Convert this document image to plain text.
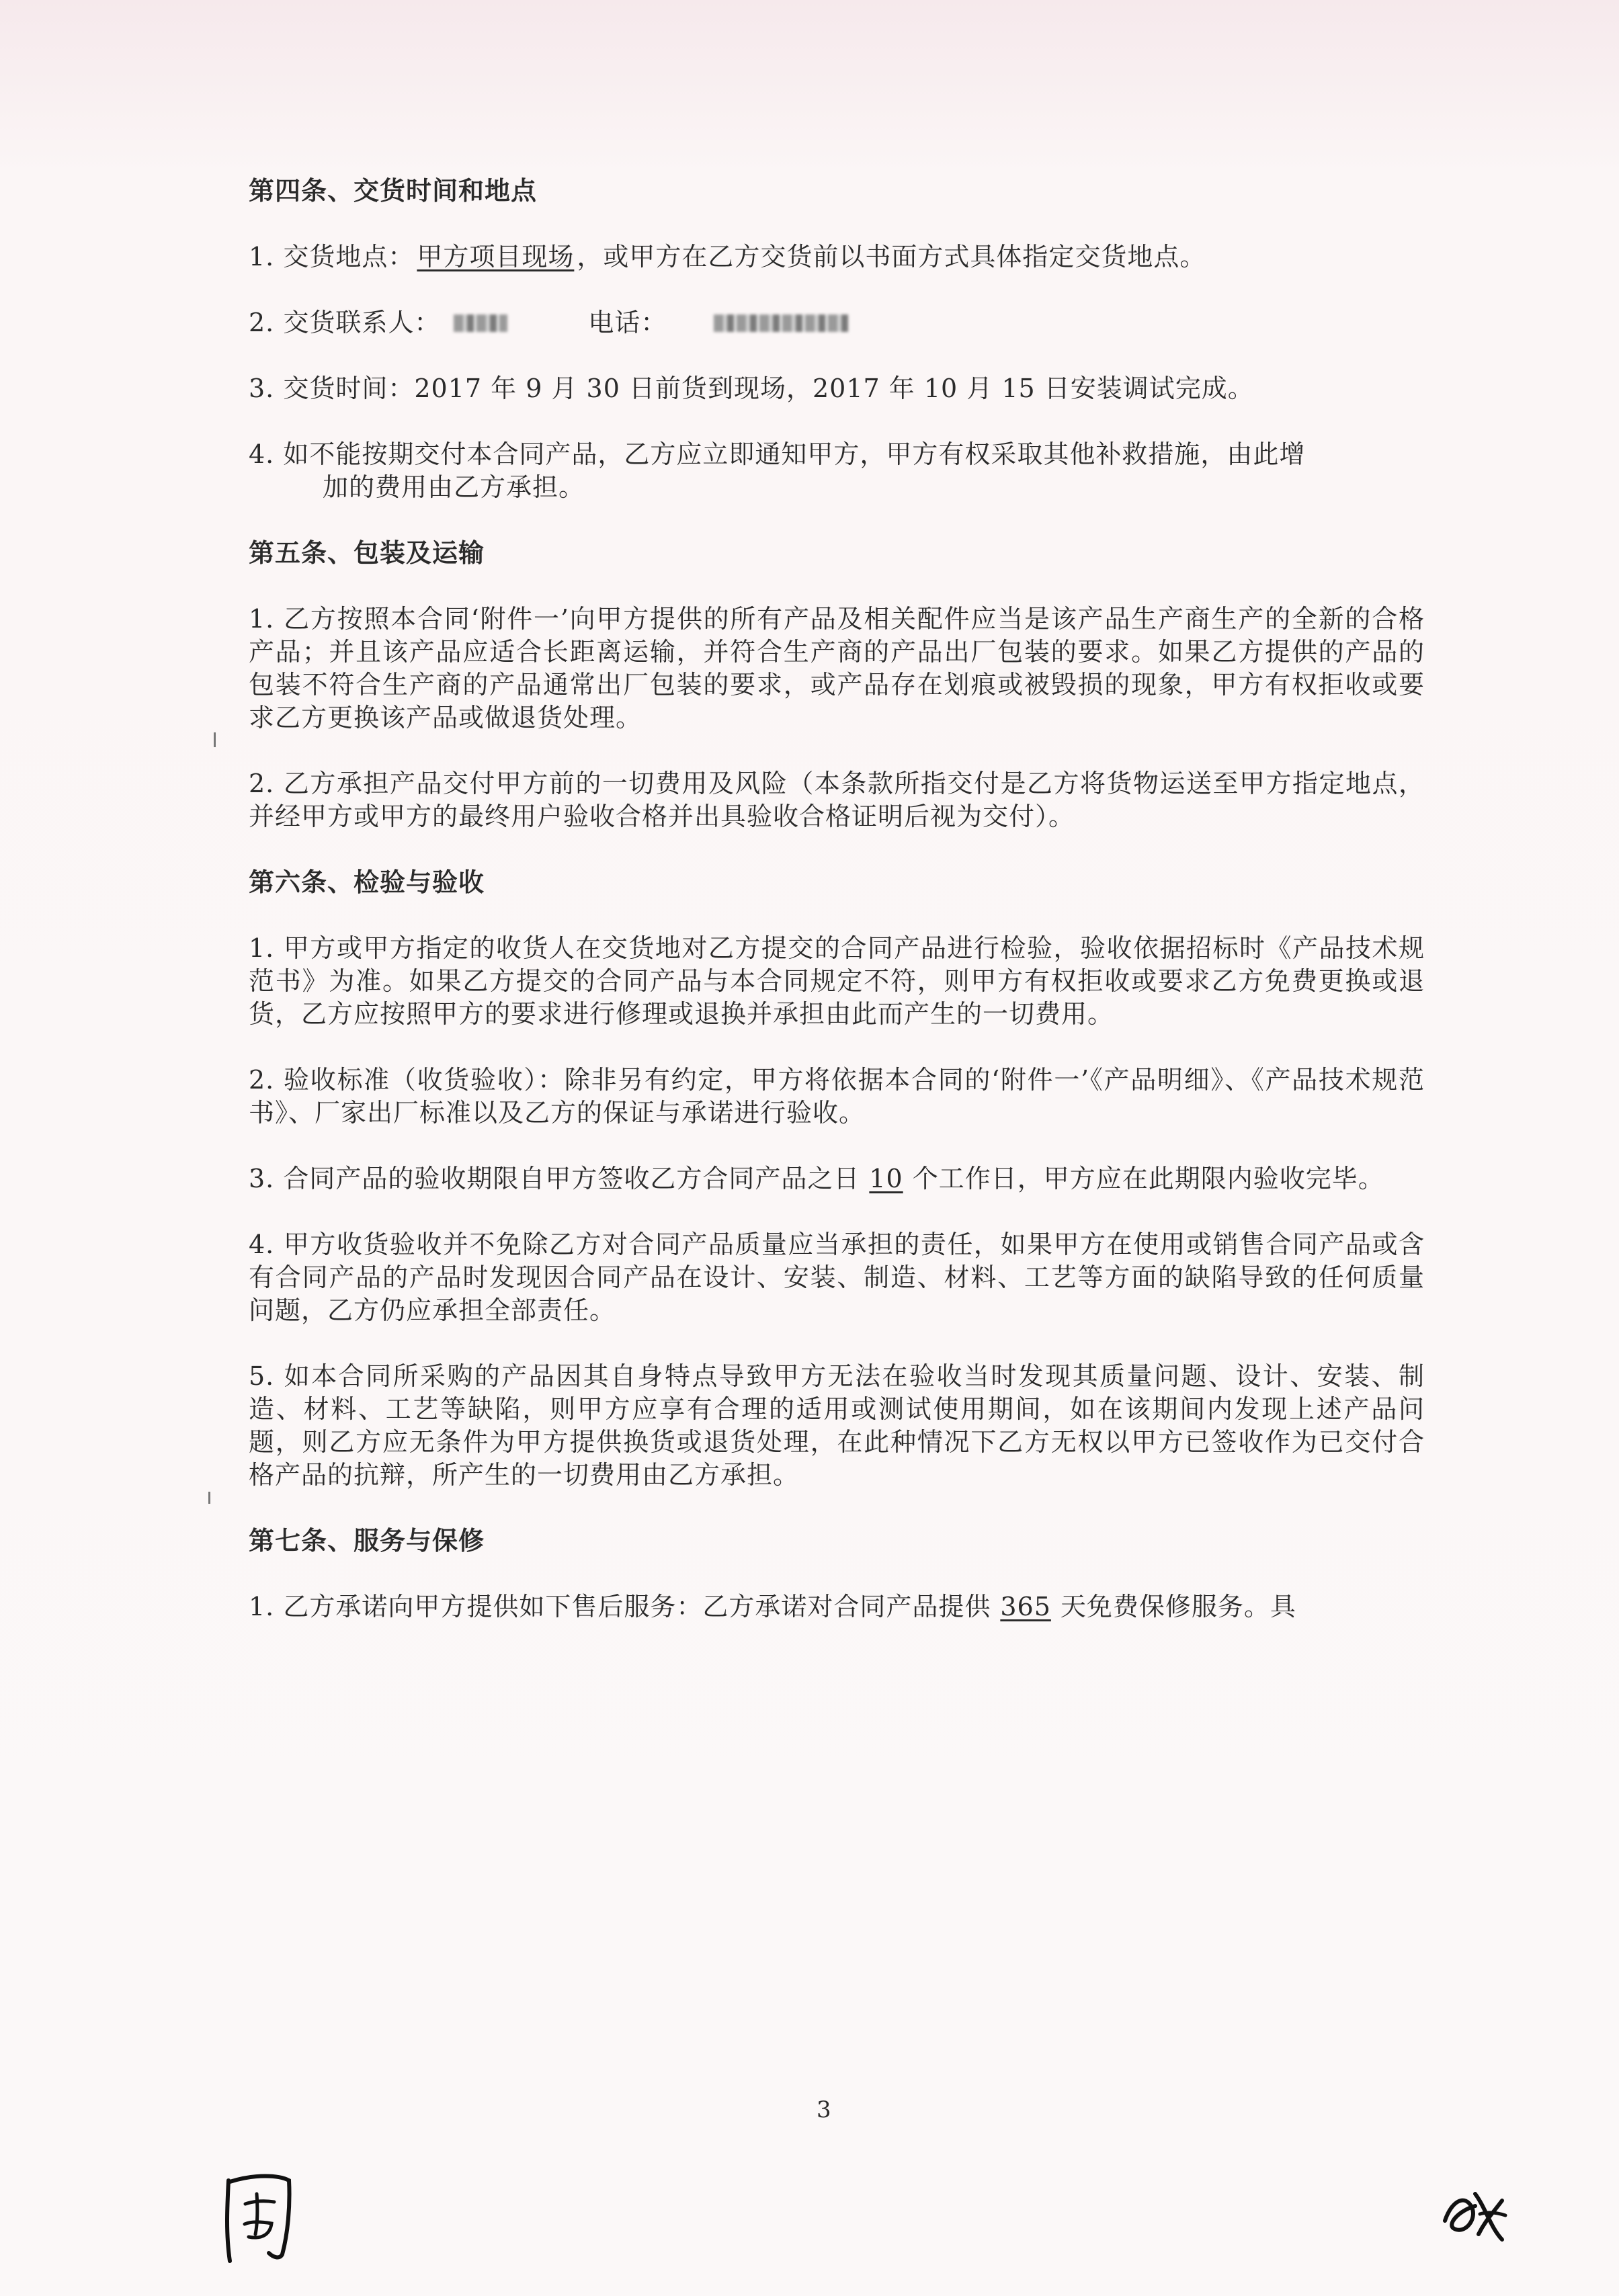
第四条、交货时间和地点
1. 交货地点： 甲方项目现场 ，或甲方在乙方交货前以书面方式具体指定交货地点。
2. 交货联系人：	电话：
3. 交货时间：2017 年 9 月 30 日前货到现场，2017 年 10 月 15 日安装调试完成。
4. 如不能按期交付本合同产品，乙方应立即通知甲方，甲方有权采取其他补救措施，由此增
加的费用由乙方承担。
第五条、包装及运输
1. 乙方按照本合同‘附件一’向甲方提供的所有产品及相关配件应当是该产品生产商生产的全新的合格产品；并且该产品应适合长距离运输，并符合生产商的产品出厂包装的要求。如果乙方提供的产品的包装不符合生产商的产品通常出厂包装的要求，或产品存在划痕或被毁损的现象，甲方有权拒收或要求乙方更换该产品或做退货处理。
2. 乙方承担产品交付甲方前的一切费用及风险（本条款所指交付是乙方将货物运送至甲方指定地点，并经甲方或甲方的最终用户验收合格并出具验收合格证明后视为交付）。
第六条、检验与验收
1. 甲方或甲方指定的收货人在交货地对乙方提交的合同产品进行检验，验收依据招标时《产品技术规范书》为准。如果乙方提交的合同产品与本合同规定不符，则甲方有权拒收或要求乙方免费更换或退货，乙方应按照甲方的要求进行修理或退换并承担由此而产生的一切费用。
2. 验收标准（收货验收）：除非另有约定，甲方将依据本合同的‘附件一’《产品明细》、《产品技术规范书》、厂家出厂标准以及乙方的保证与承诺进行验收。
3. 合同产品的验收期限自甲方签收乙方合同产品之日 10 个工作日，甲方应在此期限内验收完毕。
4. 甲方收货验收并不免除乙方对合同产品质量应当承担的责任，如果甲方在使用或销售合同产品或含有合同产品的产品时发现因合同产品在设计、安装、制造、材料、工艺等方面的缺陷导致的任何质量问题，乙方仍应承担全部责任。
5. 如本合同所采购的产品因其自身特点导致甲方无法在验收当时发现其质量问题、设计、安装、制造、材料、工艺等缺陷，则甲方应享有合理的适用或测试使用期间，如在该期间内发现上述产品问题，则乙方应无条件为甲方提供换货或退货处理，在此种情况下乙方无权以甲方已签收作为已交付合格产品的抗辩，所产生的一切费用由乙方承担。
第七条、服务与保修
1. 乙方承诺向甲方提供如下售后服务：乙方承诺对合同产品提供 365 天免费保修服务。具
3
